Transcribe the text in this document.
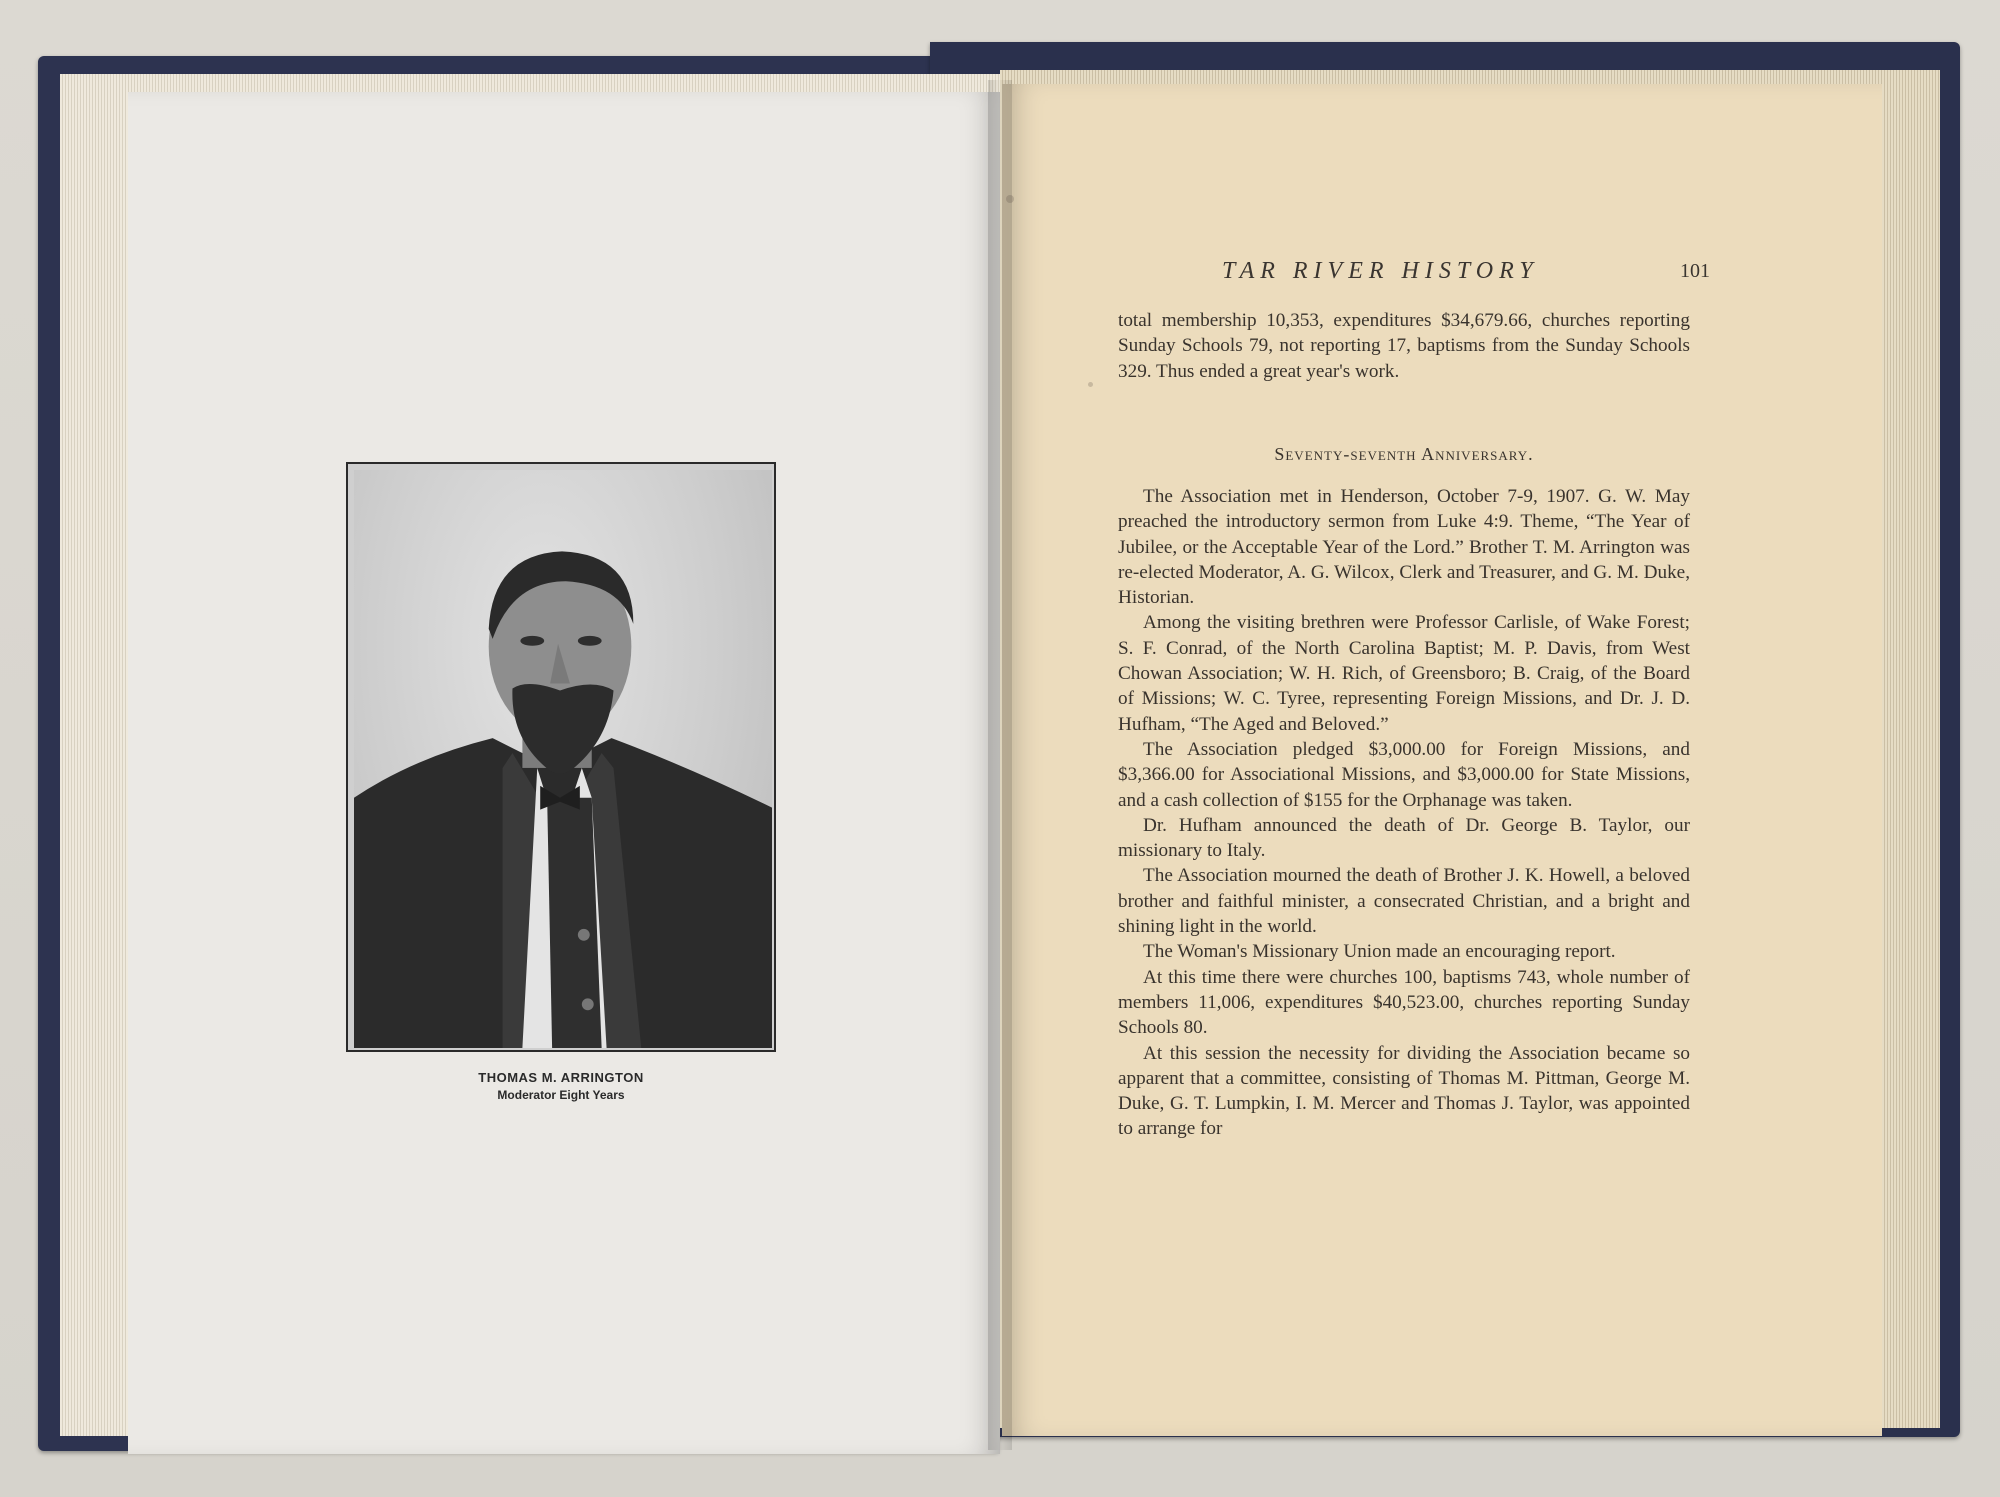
THOMAS M. ARRINGTON
Moderator Eight Years
TAR RIVER HISTORY	101

total membership 10,353, expenditures $34,679.66, churches reporting Sunday Schools 79, not reporting 17, baptisms from the Sunday Schools 329. Thus ended a great year's work.

Seventy-seventh Anniversary.

The Association met in Henderson, October 7-9, 1907. G. W. May preached the introductory sermon from Luke 4:9. Theme, “The Year of Jubilee, or the Acceptable Year of the Lord.” Brother T. M. Arrington was re-elected Moderator, A. G. Wilcox, Clerk and Treasurer, and G. M. Duke, Historian.

Among the visiting brethren were Professor Carlisle, of Wake Forest; S. F. Conrad, of the North Carolina Baptist; M. P. Davis, from West Chowan Association; W. H. Rich, of Greensboro; B. Craig, of the Board of Missions; W. C. Tyree, representing Foreign Missions, and Dr. J. D. Hufham, “The Aged and Beloved.”

The Association pledged $3,000.00 for Foreign Missions, and $3,366.00 for Associational Missions, and $3,000.00 for State Missions, and a cash collection of $155 for the Orphanage was taken.

Dr. Hufham announced the death of Dr. George B. Taylor, our missionary to Italy.

The Association mourned the death of Brother J. K. Howell, a beloved brother and faithful minister, a consecrated Christian, and a bright and shining light in the world.

The Woman's Missionary Union made an encouraging report.

At this time there were churches 100, baptisms 743, whole number of members 11,006, expenditures $40,523.00, churches reporting Sunday Schools 80.

At this session the necessity for dividing the Association became so apparent that a committee, consisting of Thomas M. Pittman, George M. Duke, G. T. Lumpkin, I. M. Mercer and Thomas J. Taylor, was appointed to arrange for
